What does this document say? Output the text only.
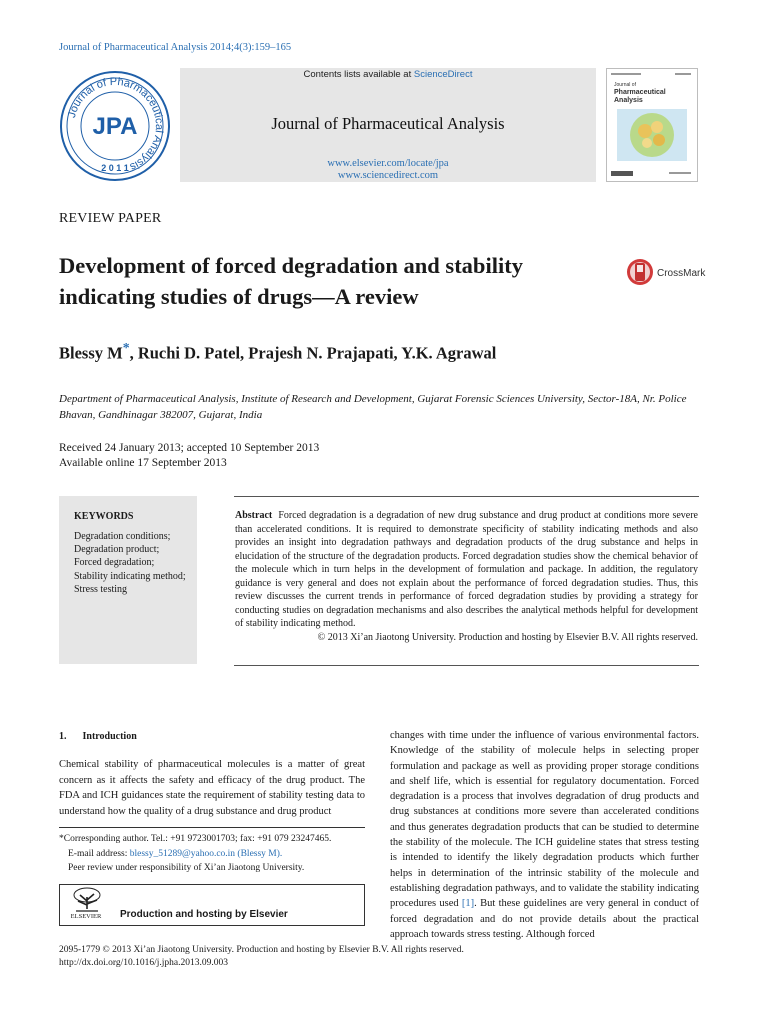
Journal of Pharmaceutical Analysis 2014;4(3):159–165
Journal of Pharmaceutical Analysis
JPA
2 0 1 1
Contents lists available at ScienceDirect
Journal of Pharmaceutical Analysis
www.elsevier.com/locate/jpa
www.sciencedirect.com
Journal of
Pharmaceutical
Analysis
REVIEW PAPER
Development of forced degradation and stability indicating studies of drugs—A review
CrossMark
Blessy M*, Ruchi D. Patel, Prajesh N. Prajapati, Y.K. Agrawal
Department of Pharmaceutical Analysis, Institute of Research and Development, Gujarat Forensic Sciences University, Sector-18A, Nr. Police Bhavan, Gandhinagar 382007, Gujarat, India
Received 24 January 2013; accepted 10 September 2013
Available online 17 September 2013
KEYWORDS
Degradation conditions;
Degradation product;
Forced degradation;
Stability indicating method;
Stress testing
Abstract Forced degradation is a degradation of new drug substance and drug product at conditions more severe than accelerated conditions. It is required to demonstrate specificity of stability indicating methods and also provides an insight into degradation pathways and degradation products of the drug substance and helps in elucidation of the structure of the degradation products. Forced degradation studies show the chemical behavior of the molecule which in turn helps in the development of formulation and package. In addition, the regulatory guidance is very general and does not explain about the performance of forced degradation studies. Thus, this review discusses the current trends in performance of forced degradation studies by providing a strategy for conducting studies on degradation mechanisms and also describes the analytical methods helpful for development of stability indicating method.
© 2013 Xi’an Jiaotong University. Production and hosting by Elsevier B.V. All rights reserved.
1. Introduction
Chemical stability of pharmaceutical molecules is a matter of great concern as it affects the safety and efficacy of the drug product. The FDA and ICH guidances state the requirement of stability testing data to understand how the quality of a drug substance and drug product
*Corresponding author. Tel.: +91 9723001703; fax: +91 079 23247465.
E-mail address: blessy_51289@yahoo.co.in (Blessy M).
Peer review under responsibility of Xi’an Jiaotong University.
ELSEVIER	Production and hosting by Elsevier
changes with time under the influence of various environmental factors. Knowledge of the stability of molecule helps in selecting proper formulation and package as well as providing proper storage conditions and shelf life, which is essential for regulatory documentation. Forced degradation is a process that involves degradation of drug products and drug substances at conditions more severe than accelerated conditions and thus generates degradation products that can be studied to determine the stability of the molecule. The ICH guideline states that stress testing is intended to identify the likely degradation products which further helps in determination of the intrinsic stability of the molecule and establishing degradation pathways, and to validate the stability indicating procedures used [1]. But these guidelines are very general in conduct of forced degradation and do not provide details about the practical approach towards stress testing. Although forced
2095-1779 © 2013 Xi’an Jiaotong University. Production and hosting by Elsevier B.V. All rights reserved.
http://dx.doi.org/10.1016/j.jpha.2013.09.003
